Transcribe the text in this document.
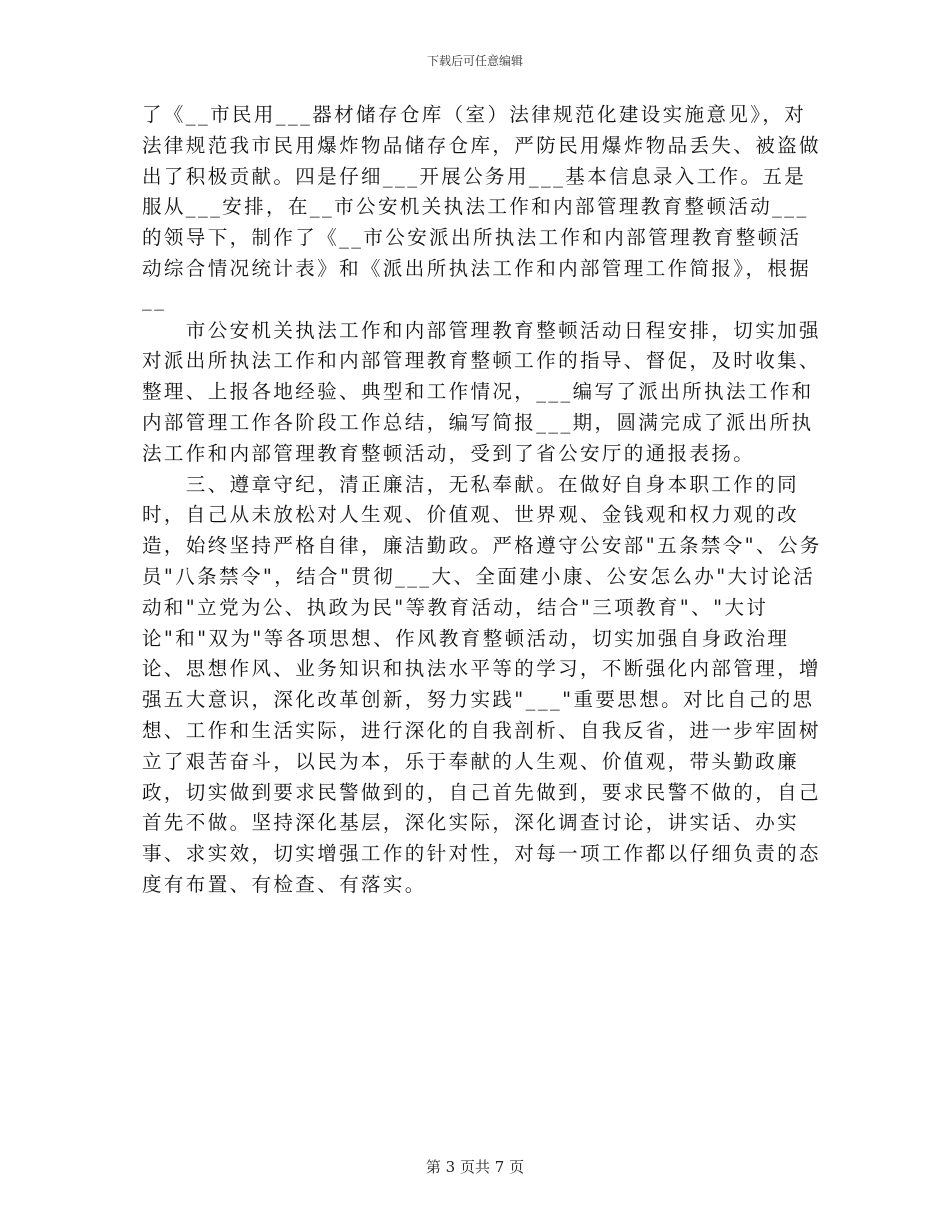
下载后可任意编辑

了《__市民用___器材储存仓库（室）法律规范化建设实施意见》，对法律规范我市民用爆炸物品储存仓库，严防民用爆炸物品丢失、被盗做出了积极贡献。四是仔细___开展公务用___基本信息录入工作。五是服从___安排，在__市公安机关执法工作和内部管理教育整顿活动___的领导下，制作了《__市公安派出所执法工作和内部管理教育整顿活动综合情况统计表》和《派出所执法工作和内部管理工作简报》，根据__

　　市公安机关执法工作和内部管理教育整顿活动日程安排，切实加强对派出所执法工作和内部管理教育整顿工作的指导、督促，及时收集、整理、上报各地经验、典型和工作情况，___编写了派出所执法工作和内部管理工作各阶段工作总结，编写简报___期，圆满完成了派出所执法工作和内部管理教育整顿活动，受到了省公安厅的通报表扬。

　　三、遵章守纪，清正廉洁，无私奉献。在做好自身本职工作的同时，自己从未放松对人生观、价值观、世界观、金钱观和权力观的改造，始终坚持严格自律，廉洁勤政。严格遵守公安部"五条禁令"、公务员"八条禁令"，结合"贯彻___大、全面建小康、公安怎么办"大讨论活动和"立党为公、执政为民"等教育活动，结合"三项教育"、"大讨论"和"双为"等各项思想、作风教育整顿活动，切实加强自身政治理论、思想作风、业务知识和执法水平等的学习，不断强化内部管理，增强五大意识，深化改革创新，努力实践"___"重要思想。对比自己的思想、工作和生活实际，进行深化的自我剖析、自我反省，进一步牢固树立了艰苦奋斗，以民为本，乐于奉献的人生观、价值观，带头勤政廉政，切实做到要求民警做到的，自己首先做到，要求民警不做的，自己首先不做。坚持深化基层，深化实际，深化调查讨论，讲实话、办实事、求实效，切实增强工作的针对性，对每一项工作都以仔细负责的态度有布置、有检查、有落实。

第 3 页共 7 页
